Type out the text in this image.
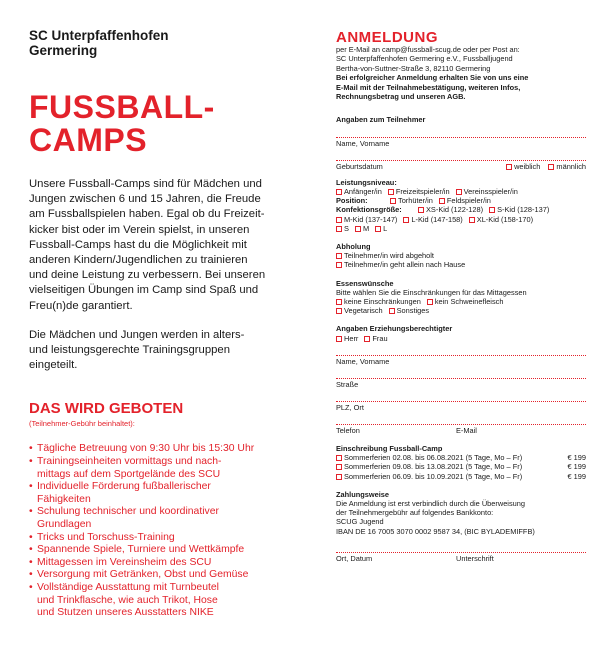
SC Unterpfaffenhofen
Germering
FUSSBALL-
CAMPS
Unsere Fussball-Camps sind für Mädchen und
Jungen zwischen 6 und 15 Jahren, die Freude
am Fussballspielen haben. Egal ob du Freizeit-
kicker bist oder im Verein spielst, in unseren
Fussball-Camps hast du die Möglichkeit mit
anderen Kindern/Jugendlichen zu trainieren
und deine Leistung zu verbessern. Bei unseren
vielseitigen Übungen im Camp sind Spaß und
Freu(n)de garantiert.
Die Mädchen und Jungen werden in alters-
und leistungsgerechte Trainingsgruppen
eingeteilt.
DAS WIRD GEBOTEN
(Teilnehmer-Gebühr beinhaltet):
• Tägliche Betreuung von 9:30 Uhr bis 15:30 Uhr
• Trainingseinheiten vormittags und nach-
mittags auf dem Sportgelände des SCU
• Individuelle Förderung fußballerischer
Fähigkeiten
• Schulung technischer und koordinativer
Grundlagen
• Tricks und Torschuss-Training
• Spannende Spiele, Turniere und Wettkämpfe
• Mittagessen im Vereinsheim des SCU
• Versorgung mit Getränken, Obst und Gemüse
• Vollständige Ausstattung mit Turnbeutel
und Trinkflasche, wie auch Trikot, Hose
und Stutzen unseres Ausstatters NIKE
ANMELDUNG
per E-Mail an camp@fussball-scug.de oder per Post an:
SC Unterpfaffenhofen Germering e.V., Fussballjugend
Bertha-von-Suttner-Straße 3, 82110 Germering
Bei erfolgreicher Anmeldung erhalten Sie von uns eine
E-Mail mit der Teilnahmebestätigung, weiteren Infos,
Rechnungsbetrag und unseren AGB.
Angaben zum Teilnehmer
Name, Vorname
Geburtsdatum	weiblich männlich
Leistungsniveau:
Anfänger/in	Freizeitspieler/in	Vereinsspieler/in
Position:	Torhüter/in	Feldspieler/in
Konfektionsgröße:	XS-Kid (122-128)	S-Kid (128-137)
M-Kid (137-147)	L-Kid (147-158)	XL-Kid (158-170)
S	M	L
Abholung
Teilnehmer/in wird abgeholt
Teilnehmer/in geht allein nach Hause
Essenswünsche
Bitte wählen Sie die Einschränkungen für das Mittagessen
keine Einschränkungen	kein Schweinefleisch
Vegetarisch	Sonstiges
Angaben Erziehungsberechtigter
Herr	Frau
Name, Vorname
Straße
PLZ, Ort
Telefon	E-Mail
Einschreibung Fussball-Camp
Sommerferien 02.08. bis 06.08.2021 (5 Tage, Mo – Fr)	€ 199
Sommerferien 09.08. bis 13.08.2021 (5 Tage, Mo – Fr)	€ 199
Sommerferien 06.09. bis 10.09.2021 (5 Tage, Mo – Fr)	€ 199
Zahlungsweise
Die Anmeldung ist erst verbindlich durch die Überweisung
der Teilnehmergebühr auf folgendes Bankkonto:
SCUG Jugend
IBAN DE 16 7005 3070 0002 9587 34, (BIC BYLADEMIFFB)
Ort, Datum	Unterschrift
